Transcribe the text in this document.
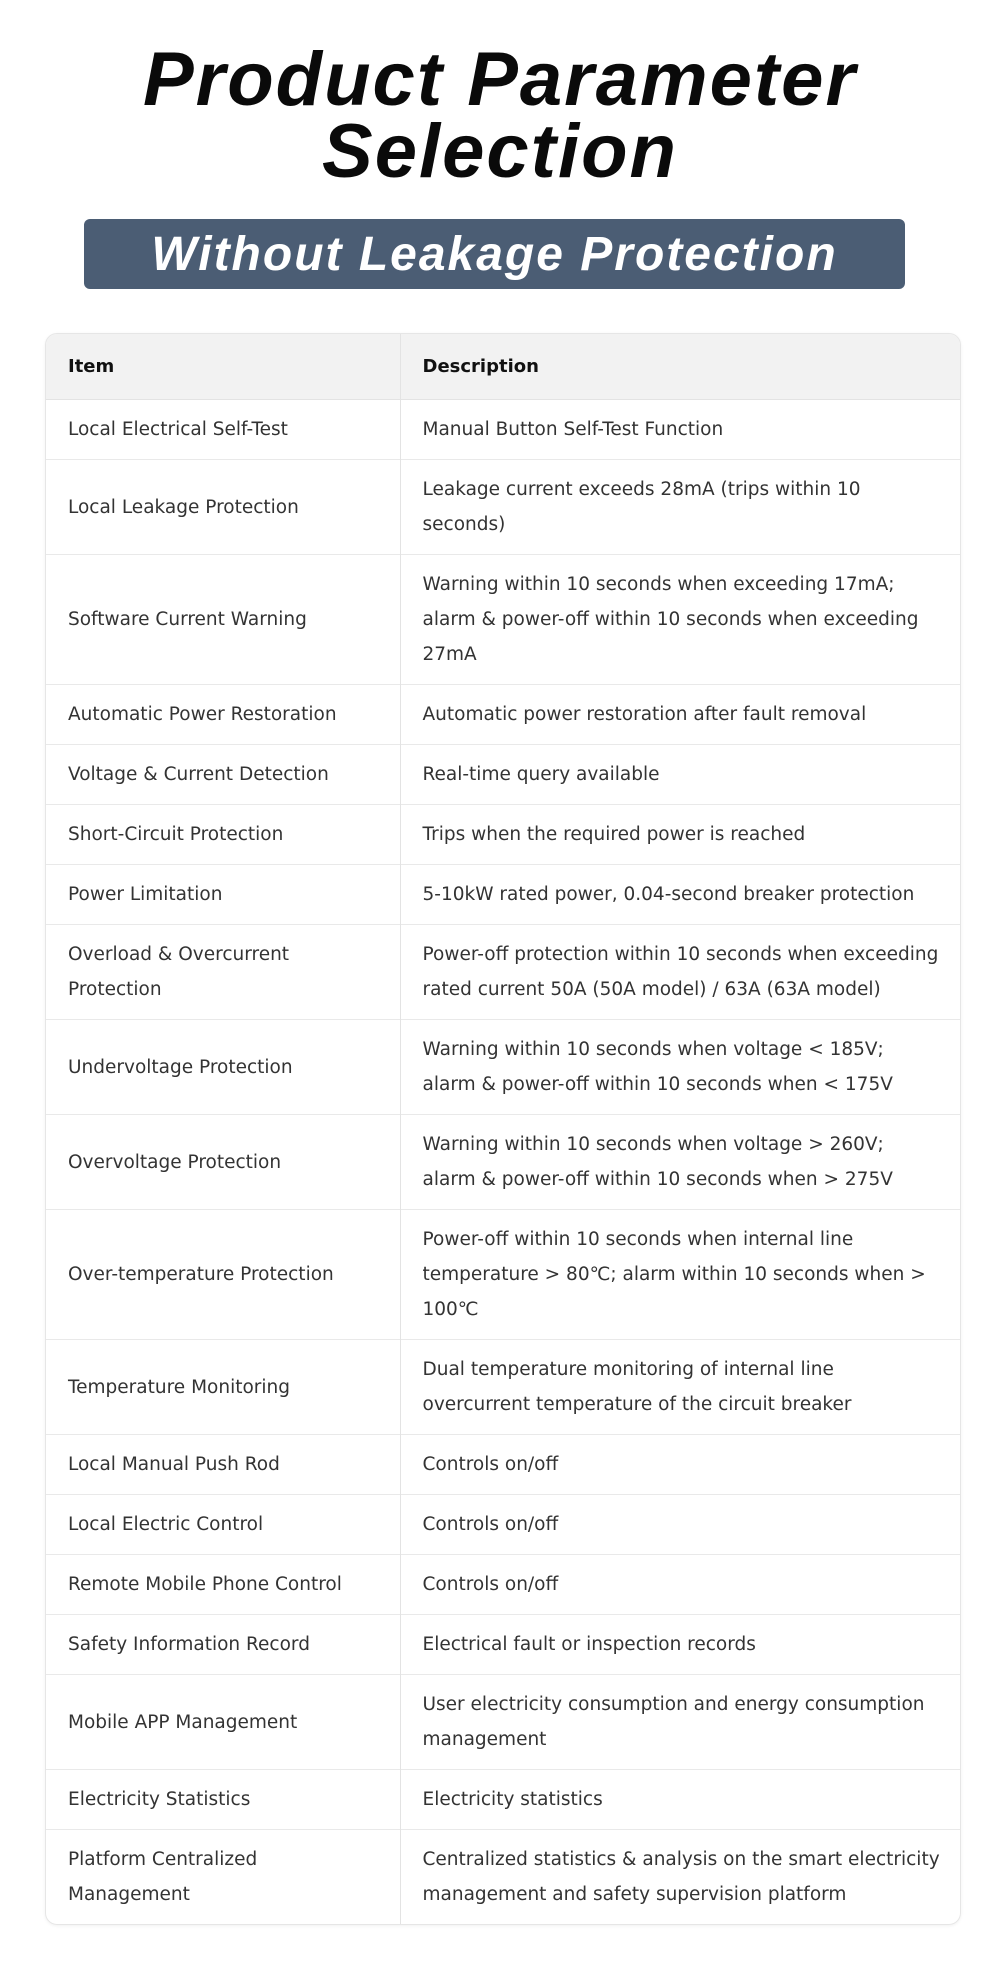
Product Parameter Selection
Without Leakage Protection
Item	Description
Local Electrical Self-Test	Manual Button Self-Test Function
Local Leakage Protection	Leakage current exceeds 28mA (trips within 10 seconds)
Software Current Warning	Warning within 10 seconds when exceeding 17mA; alarm & power-off within 10 seconds when exceeding 27mA
Automatic Power Restoration	Automatic power restoration after fault removal
Voltage & Current Detection	Real-time query available
Short-Circuit Protection	Trips when the required power is reached
Power Limitation	5-10kW rated power, 0.04-second breaker protection
Overload & Overcurrent Protection	Power-off protection within 10 seconds when exceeding rated current 50A (50A model) / 63A (63A model)
Undervoltage Protection	Warning within 10 seconds when voltage < 185V; alarm & power-off within 10 seconds when < 175V
Overvoltage Protection	Warning within 10 seconds when voltage > 260V; alarm & power-off within 10 seconds when > 275V
Over-temperature Protection	Power-off within 10 seconds when internal line temperature > 80℃; alarm within 10 seconds when > 100℃
Temperature Monitoring	Dual temperature monitoring of internal line overcurrent temperature of the circuit breaker
Local Manual Push Rod	Controls on/off
Local Electric Control	Controls on/off
Remote Mobile Phone Control	Controls on/off
Safety Information Record	Electrical fault or inspection records
Mobile APP Management	User electricity consumption and energy consumption management
Electricity Statistics	Electricity statistics
Platform Centralized Management	Centralized statistics & analysis on the smart electricity management and safety supervision platform
